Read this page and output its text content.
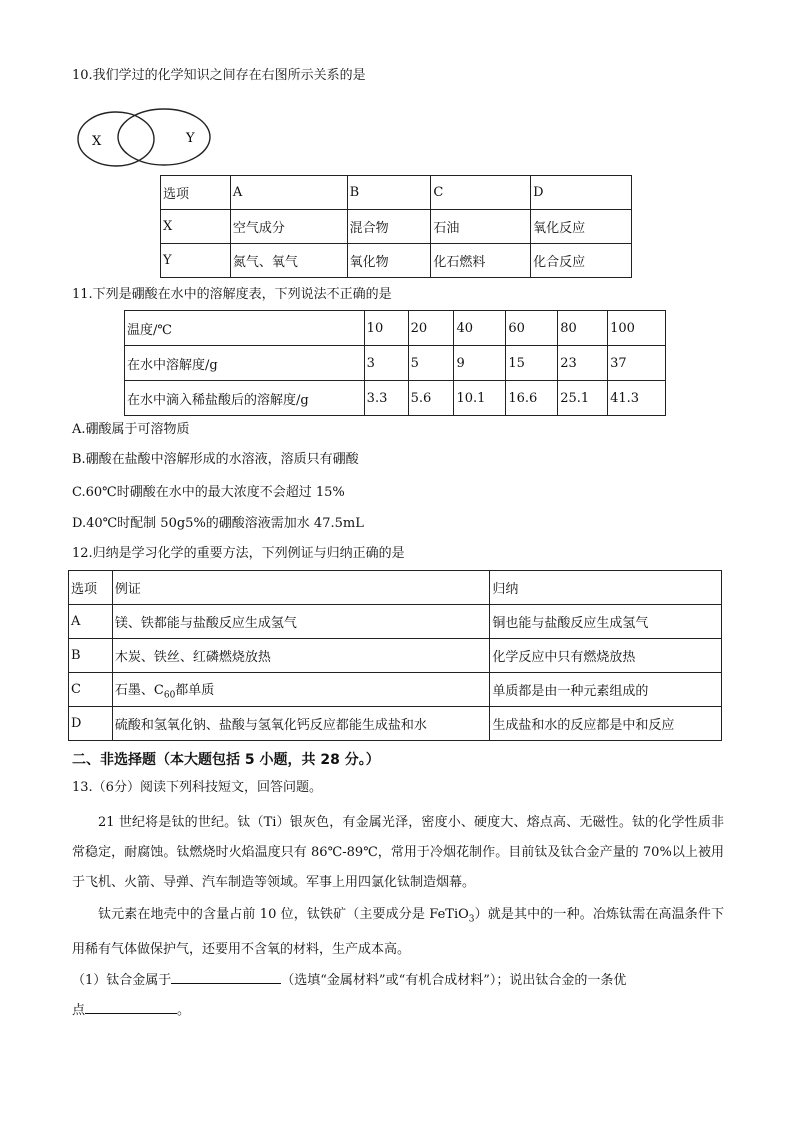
10.我们学过的化学知识之间存在右图所示关系的是
X	Y
选项	A	B	C	D
X	空气成分	混合物	石油	氧化反应
Y	氮气、氧气	氧化物	化石燃料	化合反应
11.下列是硼酸在水中的溶解度表，下列说法不正确的是
温度/℃	10	20	40	60	80	100
在水中溶解度/g	3	5	9	15	23	37
在水中滴入稀盐酸后的溶解度/g	3.3	5.6	10.1	16.6	25.1	41.3
A.硼酸属于可溶物质
B.硼酸在盐酸中溶解形成的水溶液，溶质只有硼酸
C.60℃时硼酸在水中的最大浓度不会超过 15%
D.40℃时配制 50g5%的硼酸溶液需加水 47.5mL
12.归纳是学习化学的重要方法，下列例证与归纳正确的是
选项	例证	归纳
A	镁、铁都能与盐酸反应生成氢气	铜也能与盐酸反应生成氢气
B	木炭、铁丝、红磷燃烧放热	化学反应中只有燃烧放热
C	石墨、$C_{60}$都单质	单质都是由一种元素组成的
D	硫酸和氢氧化钠、盐酸与氢氧化钙反应都能生成盐和水	生成盐和水的反应都是中和反应
二、非选择题（本大题包括 5 小题，共 28 分。）
13.（6分）阅读下列科技短文，回答问题。
21 世纪将是钛的世纪。钛（Ti）银灰色，有金属光泽，密度小、硬度大、熔点高、无磁性。钛的化学性质非常稳定，耐腐蚀。钛燃烧时火焰温度只有 86℃-89℃，常用于冷烟花制作。目前钛及钛合金产量的 70%以上被用于飞机、火箭、导弹、汽车制造等领域。军事上用四氯化钛制造烟幕。
钛元素在地壳中的含量占前 10 位，钛铁矿（主要成分是 FeTiO$_3$）就是其中的一种。冶炼钛需在高温条件下用稀有气体做保护气，还要用不含氧的材料，生产成本高。
（1）钛合金属于	（选填“金属材料”或“有机合成材料”）；说出钛合金的一条优
点	。
